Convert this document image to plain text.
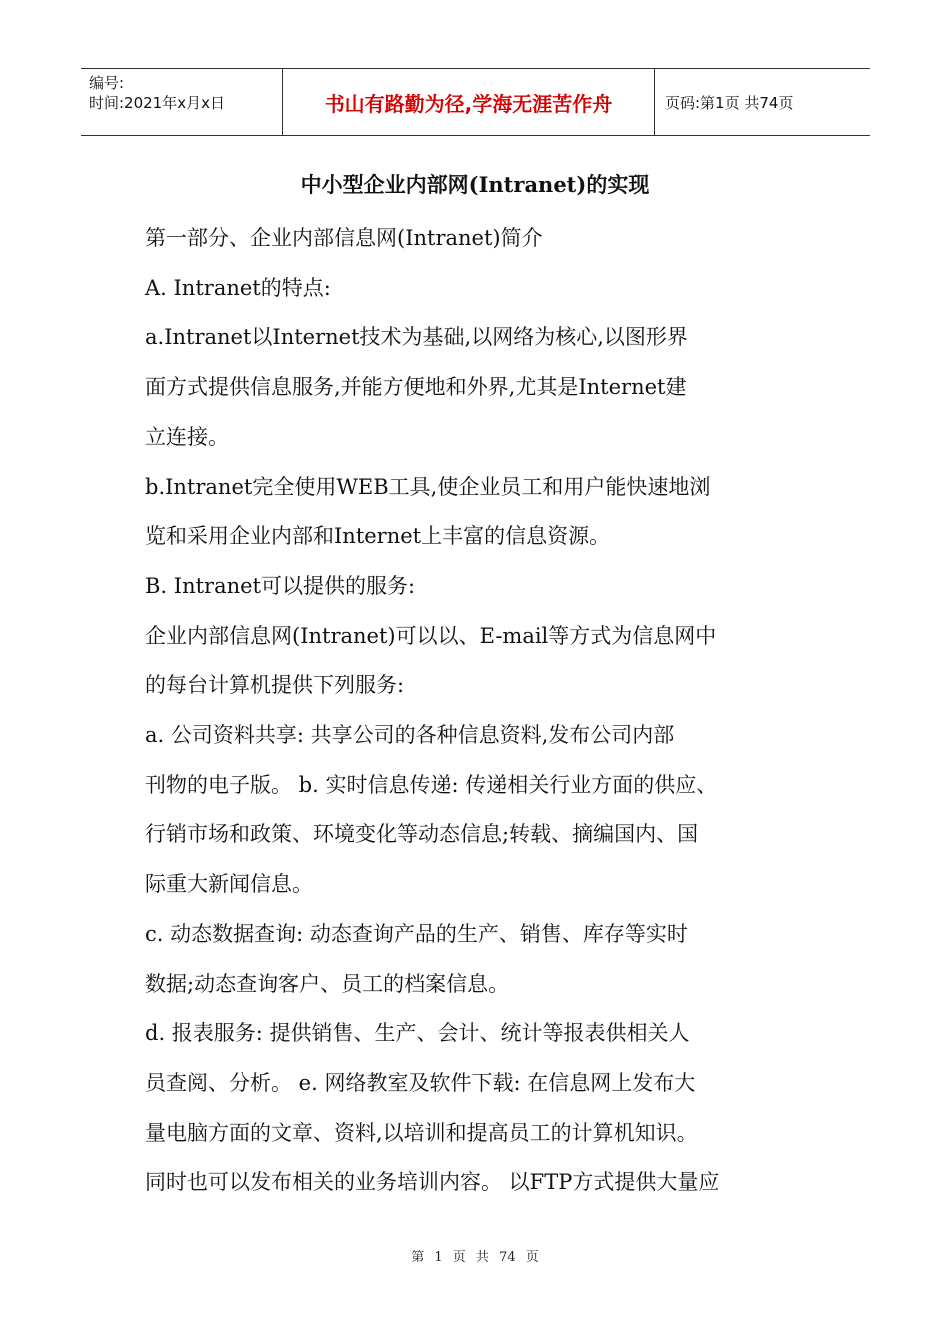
编号:
时间:2021年x月x日	书山有路勤为径,学海无涯苦作舟	页码:第1页 共74页
中小型企业内部网(Intranet)的实现

第一部分、企业内部信息网(Intranet)简介

A. Intranet的特点:

a.Intranet以Internet技术为基础,以网络为核心,以图形界

面方式提供信息服务,并能方便地和外界,尤其是Internet建

立连接。

b.Intranet完全使用WEB工具,使企业员工和用户能快速地浏

览和采用企业内部和Internet上丰富的信息资源。

B. Intranet可以提供的服务:

企业内部信息网(Intranet)可以以、E-mail等方式为信息网中

的每台计算机提供下列服务:

a. 公司资料共享: 共享公司的各种信息资料,发布公司内部

刊物的电子版。 b. 实时信息传递: 传递相关行业方面的供应、

行销市场和政策、环境变化等动态信息;转载、摘编国内、国

际重大新闻信息。

c. 动态数据查询: 动态查询产品的生产、销售、库存等实时

数据;动态查询客户、员工的档案信息。

d. 报表服务: 提供销售、生产、会计、统计等报表供相关人

员查阅、分析。 e. 网络教室及软件下载: 在信息网上发布大

量电脑方面的文章、资料,以培训和提高员工的计算机知识。

同时也可以发布相关的业务培训内容。 以FTP方式提供大量应

第 1 页 共 74 页
